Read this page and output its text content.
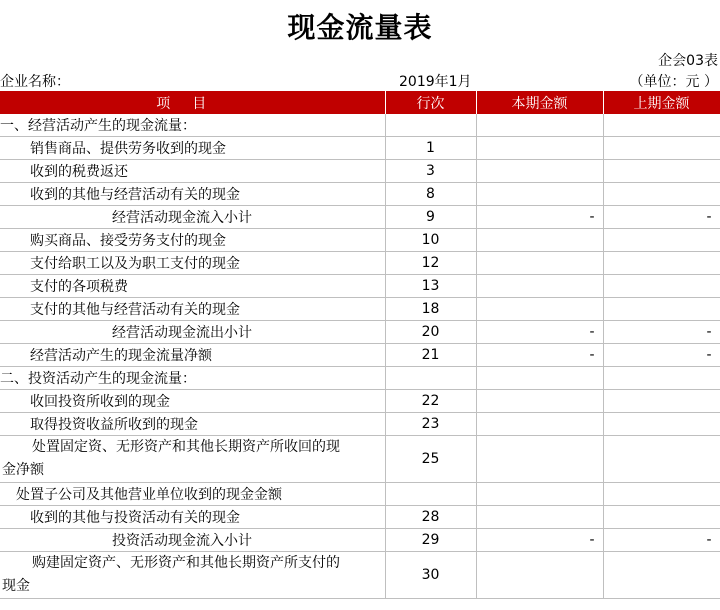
现金流量表
企会03表
企业名称：	2019年1月	（单位：元 ）
项目	行次	本期金额	上期金额
一、经营活动产生的现金流量：			
销售商品、提供劳务收到的现金	1		
收到的税费返还	3		
收到的其他与经营活动有关的现金	8		
经营活动现金流入小计	9	-	-
购买商品、接受劳务支付的现金	10		
支付给职工以及为职工支付的现金	12		
支付的各项税费	13		
支付的其他与经营活动有关的现金	18		
经营活动现金流出小计	20	-	-
经营活动产生的现金流量净额	21	-	-
二、投资活动产生的现金流量：			
收回投资所收到的现金	22		
取得投资收益所收到的现金	23		
处置固定资、无形资产和其他长期资产所收回的现
金净额	25		
处置子公司及其他营业单位收到的现金金额			
收到的其他与投资活动有关的现金	28		
投资活动现金流入小计	29	-	-
购建固定资产、无形资产和其他长期资产所支付的
现金	30		
